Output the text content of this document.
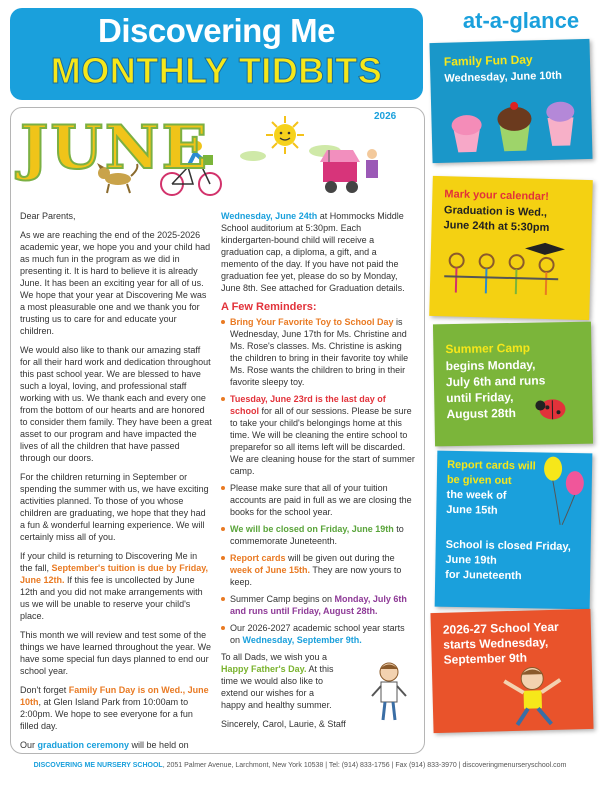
Discovering Me
MONTHLY TIDBITS
at-a-glance
JUNE	2026

Dear Parents,

As we are reaching the end of the 2025-2026 academic year, we hope you and your child had as much fun in the program as we did in presenting it. It is hard to believe it is already June. It has been an exciting year for all of us. We hope that your year at Discovering Me was a most pleasurable one and we thank you for trusting us to care for and educate your children.

We would also like to thank our amazing staff for all their hard work and dedication throughout this past school year. We are blessed to have such a loyal, loving, and professional staff working with us. We thank each and every one from the bottom of our hearts and are honored to consider them family. They have been a great asset to our program and have impacted the lives of all the children that have passed through our doors.

For the children returning in September or spending the summer with us, we have exciting activities planned. To those of you whose children are graduating, we hope that they had a fun & wonderful learning experience. We will certainly miss all of you.

If your child is returning to Discovering Me in the fall, September's tuition is due by Friday, June 12th. If this fee is uncollected by June 12th and you did not make arrangements with us we will be unable to reserve your child's place.

This month we will review and test some of the things we have learned throughout the year. We have some special fun days planned to end our school year.

Don't forget Family Fun Day is on Wed., June 10th, at Glen Island Park from 10:00am to 2:00pm. We hope to see everyone for a fun filled day.

Our graduation ceremony will be held on

Wednesday, June 24th at Hommocks Middle School auditorium at 5:30pm. Each kindergarten-bound child will receive a graduation cap, a diploma, a gift, and a memento of the day. If you have not paid the graduation fee yet, please do so by Monday, June 8th. See attached for Graduation details.

A Few Reminders:
Bring Your Favorite Toy to School Day is Wednesday, June 17th for Ms. Christine and Ms. Rose's classes. Ms. Christine is asking the children to bring in their favorite toy while Ms. Rose wants the children to bring in their favorite sleepy toy.
Tuesday, June 23rd is the last day of school for all of our sessions. Please be sure to take your child's belongings home at this time. We will be cleaning the entire school to preparefor so all items left will be discarded. We are cleaning house for the start of summer camp.
Please make sure that all of your tuition accounts are paid in full as we are closing the books for the school year.
We will be closed on Friday, June 19th to commemorate Juneteenth.
Report cards will be given out during the week of June 15th. They are now yours to keep.
Summer Camp begins on Monday, July 6th and runs until Friday, August 28th.
Our 2026-2027 academic school year starts on Wednesday, September 9th.

To all Dads, we wish you a Happy Father's Day. At this time we would also like to extend our wishes for a happy and healthy summer.

Sincerely, Carol, Laurie, & Staff

Family Fun Day
Wednesday, June 10th
Mark your calendar!
Graduation is Wed.,
June 24th at 5:30pm
Summer Camp
begins Monday,
July 6th and runs
until Friday,
August 28th
Report cards will
be given out
the week of
June 15th
School is closed Friday,
June 19th
for Juneteenth
2026-27 School Year
starts Wednesday,
September 9th
DISCOVERING ME NURSERY SCHOOL, 2051 Palmer Avenue, Larchmont, New York 10538 | Tel: (914) 833-1756 | Fax (914) 833-3970 | discoveringmenurseryschool.com
